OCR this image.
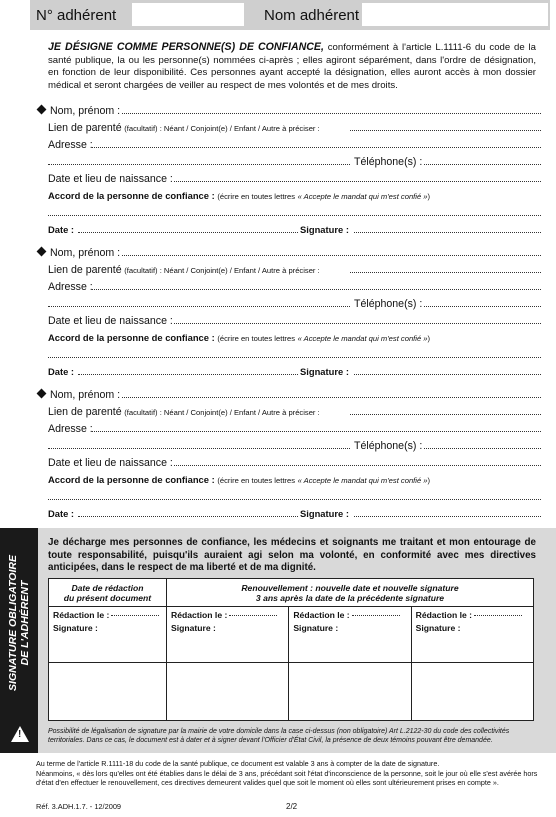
N° adhérent	Nom adhérent
JE DÉSIGNE COMME PERSONNE(S) DE CONFIANCE, conformément à l'article L.1111-6 du code de la santé publique, la ou les personne(s) nommées ci-après ; elles agiront séparément, dans l'ordre de désignation, en fonction de leur disponibilité. Ces personnes ayant accepté la désignation, elles auront accès à mon dossier médical et seront chargées de veiller au respect de mes volontés et de mes droits.
Nom, prénom :
Lien de parenté (facultatif) : Néant / Conjoint(e) / Enfant / Autre à préciser :
Adresse :
Téléphone(s) :
Date et lieu de naissance :
Accord de la personne de confiance : (écrire en toutes lettres « Accepte le mandat qui m'est confié »)
Date :	Signature :
Nom, prénom :
Lien de parenté (facultatif) : Néant / Conjoint(e) / Enfant / Autre à préciser :
Adresse :
Téléphone(s) :
Date et lieu de naissance :
Accord de la personne de confiance : (écrire en toutes lettres « Accepte le mandat qui m'est confié »)
Date :	Signature :
Nom, prénom :
Lien de parenté (facultatif) : Néant / Conjoint(e) / Enfant / Autre à préciser :
Adresse :
Téléphone(s) :
Date et lieu de naissance :
Accord de la personne de confiance : (écrire en toutes lettres « Accepte le mandat qui m'est confié »)
Date :	Signature :
SIGNATURE OBLIGATOIRE
DE L'ADHÉRENT
!
Je décharge mes personnes de confiance, les médecins et soignants me traitant et mon entourage de toute responsabilité, puisqu'ils auraient agi selon ma volonté, en conformité avec mes directives anticipées, dans le respect de ma liberté et de ma dignité.
Date de rédaction
du présent document	Renouvellement : nouvelle date et nouvelle signature
3 ans après la date de la précédente signature		

Rédaction le :
Signature :	Rédaction le :
Signature :	Rédaction le :
Signature :	Rédaction le :
Signature :

Possibilité de légalisation de signature par la mairie de votre domicile dans la case ci-dessus (non obligatoire) Art L.2122-30 du code des collectivités territoriales. Dans ce cas, le document est à dater et à signer devant l'Officier d'État Civil, la présence de deux témoins pouvant être demandée.
Au terme de l'article R.1111-18 du code de la santé publique, ce document est valable 3 ans à compter de la date de signature.
Néanmoins, « dès lors qu'elles ont été établies dans le délai de 3 ans, précédant soit l'état d'inconscience de la personne, soit le jour où elle s'est avérée hors d'état d'en effectuer le renouvellement, ces directives demeurent valides quel que soit le moment où elles sont ultérieurement prises en compte ».
Réf. 3.ADH.1.7. - 12/2009	2/2
